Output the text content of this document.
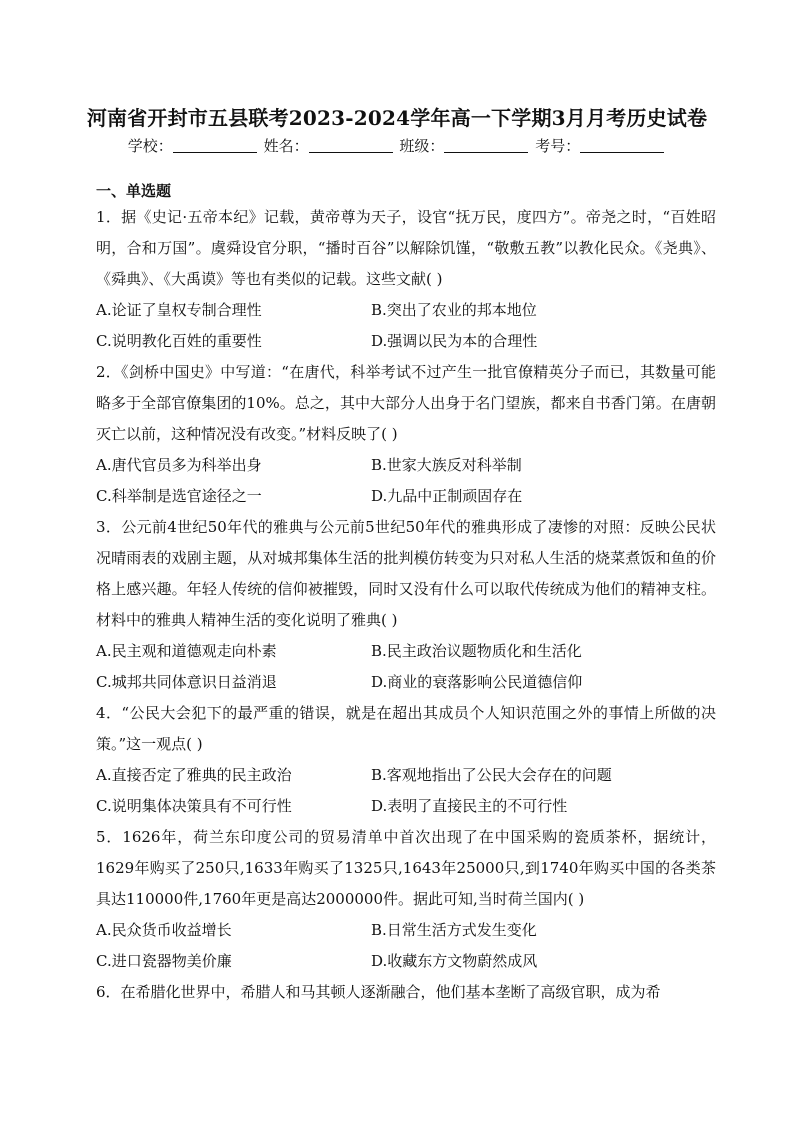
河南省开封市五县联考2023-2024学年高一下学期3月月考历史试卷
学校：	姓名：	班级：	考号：
一、单选题

1．据《史记·五帝本纪》记载，黄帝尊为天子，设官“抚万民，度四方”。帝尧之时，“百姓昭明，合和万国”。虞舜设官分职，“播时百谷”以解除饥馑，“敬敷五教”以教化民众。《尧典》、《舜典》、《大禹谟》等也有类似的记载。这些文献( )

A.论证了皇权专制合理性	B.突出了农业的邦本地位
C.说明教化百姓的重要性	D.强调以民为本的合理性

2．《剑桥中国史》中写道：“在唐代，科举考试不过产生一批官僚精英分子而已，其数量可能略多于全部官僚集团的10%。总之，其中大部分人出身于名门望族，都来自书香门第。在唐朝灭亡以前，这种情况没有改变。”材料反映了( )

A.唐代官员多为科举出身	B.世家大族反对科举制
C.科举制是选官途径之一	D.九品中正制顽固存在

3．公元前4世纪50年代的雅典与公元前5世纪50年代的雅典形成了凄惨的对照：反映公民状况晴雨表的戏剧主题，从对城邦集体生活的批判模仿转变为只对私人生活的烧菜煮饭和鱼的价格上感兴趣。年轻人传统的信仰被摧毁，同时又没有什么可以取代传统成为他们的精神支柱。材料中的雅典人精神生活的变化说明了雅典( )

A.民主观和道德观走向朴素	B.民主政治议题物质化和生活化
C.城邦共同体意识日益消退	D.商业的衰落影响公民道德信仰

4．“公民大会犯下的最严重的错误，就是在超出其成员个人知识范围之外的事情上所做的决策。”这一观点( )

A.直接否定了雅典的民主政治	B.客观地指出了公民大会存在的问题
C.说明集体决策具有不可行性	D.表明了直接民主的不可行性

5．1626年，荷兰东印度公司的贸易清单中首次出现了在中国采购的瓷质茶杯，据统计，1629年购买了250只,1633年购买了1325只,1643年25000只,到1740年购买中国的各类茶具达110000件,1760年更是高达2000000件。据此可知,当时荷兰国内( )

A.民众货币收益增长	B.日常生活方式发生变化
C.进口瓷器物美价廉	D.收藏东方文物蔚然成风

6．在希腊化世界中，希腊人和马其顿人逐渐融合，他们基本垄断了高级官职，成为希
